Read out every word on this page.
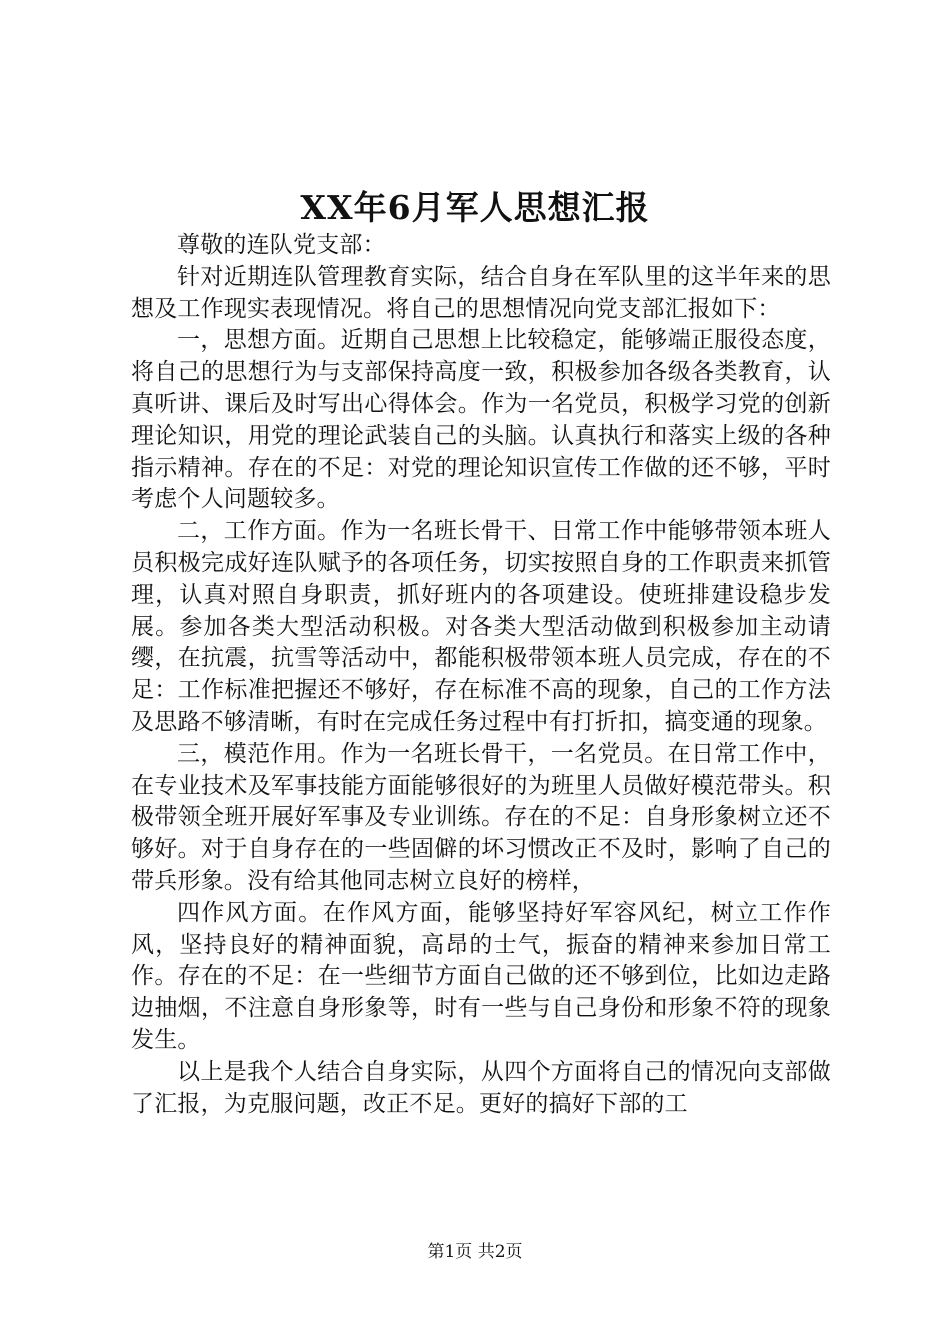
XX年6月军人思想汇报

尊敬的连队党支部：

针对近期连队管理教育实际，结合自身在军队里的这半年来的思想及工作现实表现情况。将自己的思想情况向党支部汇报如下：

一，思想方面。近期自己思想上比较稳定，能够端正服役态度，将自己的思想行为与支部保持高度一致，积极参加各级各类教育，认真听讲、课后及时写出心得体会。作为一名党员，积极学习党的创新理论知识，用党的理论武装自己的头脑。认真执行和落实上级的各种指示精神。存在的不足：对党的理论知识宣传工作做的还不够，平时考虑个人问题较多。

二，工作方面。作为一名班长骨干、日常工作中能够带领本班人员积极完成好连队赋予的各项任务，切实按照自身的工作职责来抓管理，认真对照自身职责，抓好班内的各项建设。使班排建设稳步发展。参加各类大型活动积极。对各类大型活动做到积极参加主动请缨，在抗震，抗雪等活动中，都能积极带领本班人员完成，存在的不足：工作标准把握还不够好，存在标准不高的现象，自己的工作方法及思路不够清晰，有时在完成任务过程中有打折扣，搞变通的现象。

三，模范作用。作为一名班长骨干，一名党员。在日常工作中，在专业技术及军事技能方面能够很好的为班里人员做好模范带头。积极带领全班开展好军事及专业训练。存在的不足：自身形象树立还不够好。对于自身存在的一些固僻的坏习惯改正不及时，影响了自己的带兵形象。没有给其他同志树立良好的榜样，

四作风方面。在作风方面，能够坚持好军容风纪，树立工作作风，坚持良好的精神面貌，高昂的士气，振奋的精神来参加日常工作。存在的不足：在一些细节方面自己做的还不够到位，比如边走路边抽烟，不注意自身形象等，时有一些与自己身份和形象不符的现象发生。

以上是我个人结合自身实际，从四个方面将自己的情况向支部做了汇报，为克服问题，改正不足。更好的搞好下部的工

第1页 共2页
